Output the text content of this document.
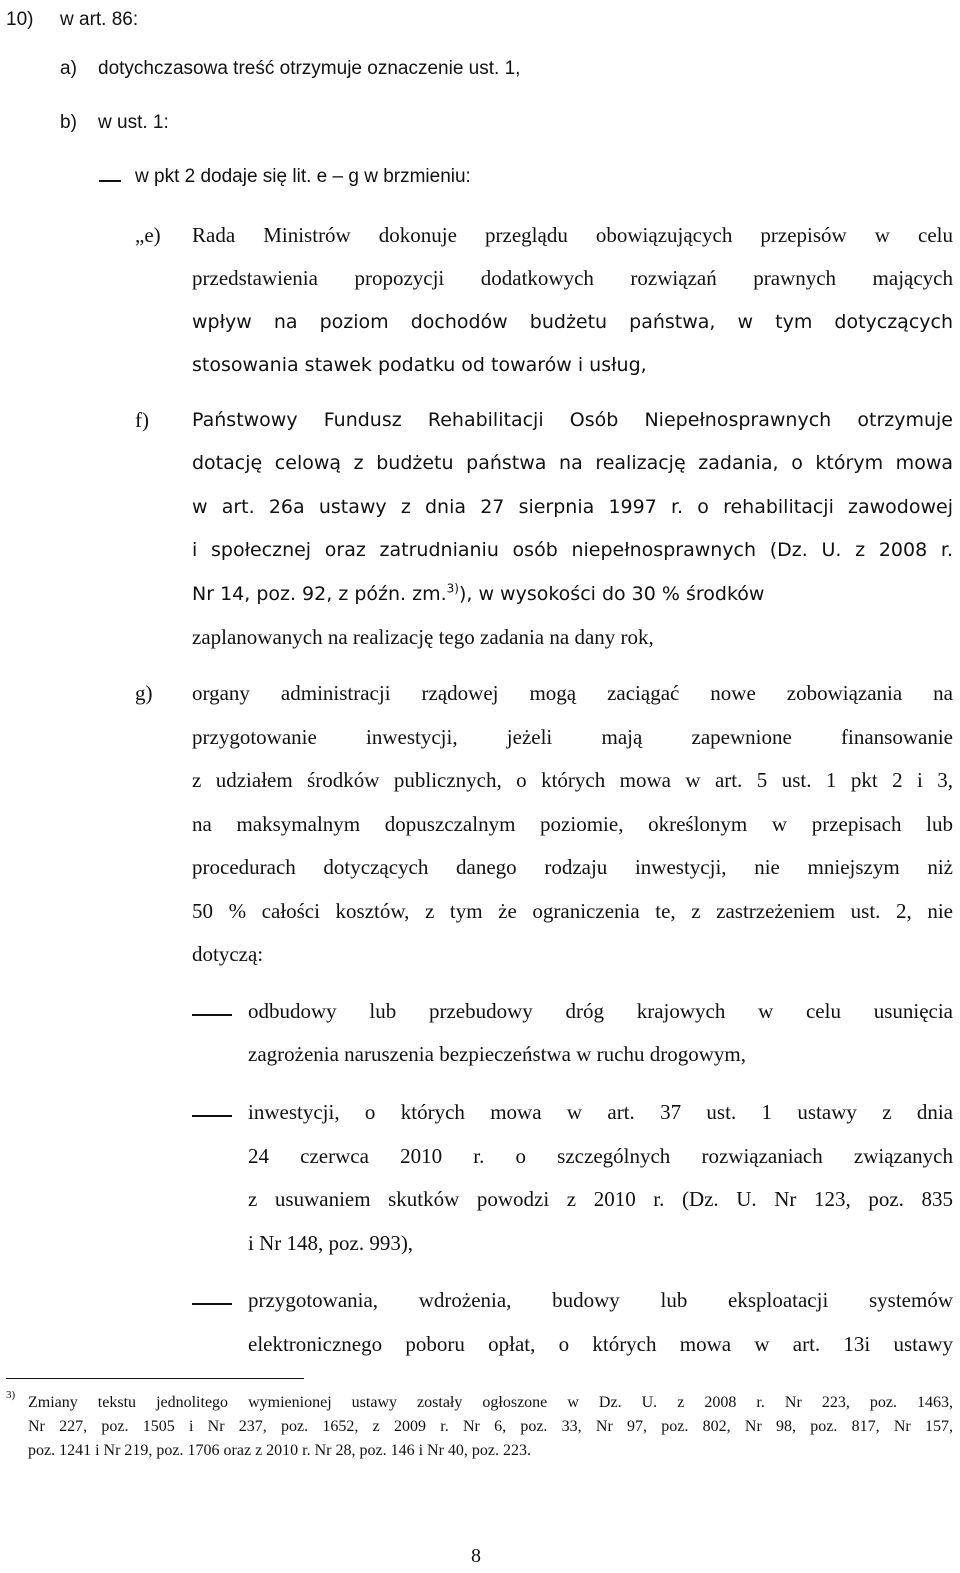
10) w art. 86:
a) dotychczasowa treść otrzymuje oznaczenie ust. 1,
b) w ust. 1:
w pkt 2 dodaje się lit. e – g w brzmieniu:
„e) Rada Ministrów dokonuje przeglądu obowiązujących przepisów w celu
przedstawienia propozycji dodatkowych rozwiązań prawnych mających
wpływ na poziom dochodów budżetu państwa, w tym dotyczących
stosowania stawek podatku od towarów i usług,
f) Państwowy Fundusz Rehabilitacji Osób Niepełnosprawnych otrzymuje
dotację celową z budżetu państwa na realizację zadania, o którym mowa
w art. 26a ustawy z dnia 27 sierpnia 1997 r. o rehabilitacji zawodowej
i społecznej oraz zatrudnianiu osób niepełnosprawnych (Dz. U. z 2008 r.
Nr 14, poz. 92, z późn. zm.$^{3)}$), w wysokości do 30 % środków
zaplanowanych na realizację tego zadania na dany rok,
g) organy administracji rządowej mogą zaciągać nowe zobowiązania na
przygotowanie inwestycji, jeżeli mają zapewnione finansowanie
z udziałem środków publicznych, o których mowa w art. 5 ust. 1 pkt 2 i 3,
na maksymalnym dopuszczalnym poziomie, określonym w przepisach lub
procedurach dotyczących danego rodzaju inwestycji, nie mniejszym niż
50 % całości kosztów, z tym że ograniczenia te, z zastrzeżeniem ust. 2, nie
dotyczą:
odbudowy lub przebudowy dróg krajowych w celu usunięcia
zagrożenia naruszenia bezpieczeństwa w ruchu drogowym,
inwestycji, o których mowa w art. 37 ust. 1 ustawy z dnia
24 czerwca 2010 r. o szczególnych rozwiązaniach związanych
z usuwaniem skutków powodzi z 2010 r. (Dz. U. Nr 123, poz. 835
i Nr 148, poz. 993),
przygotowania, wdrożenia, budowy lub eksploatacji systemów
elektronicznego poboru opłat, o których mowa w art. 13i ustawy
3) Zmiany tekstu jednolitego wymienionej ustawy zostały ogłoszone w Dz. U. z 2008 r. Nr 223, poz. 1463,
Nr 227, poz. 1505 i Nr 237, poz. 1652, z 2009 r. Nr 6, poz. 33, Nr 97, poz. 802, Nr 98, poz. 817, Nr 157,
poz. 1241 i Nr 219, poz. 1706 oraz z 2010 r. Nr 28, poz. 146 i Nr 40, poz. 223.
8
